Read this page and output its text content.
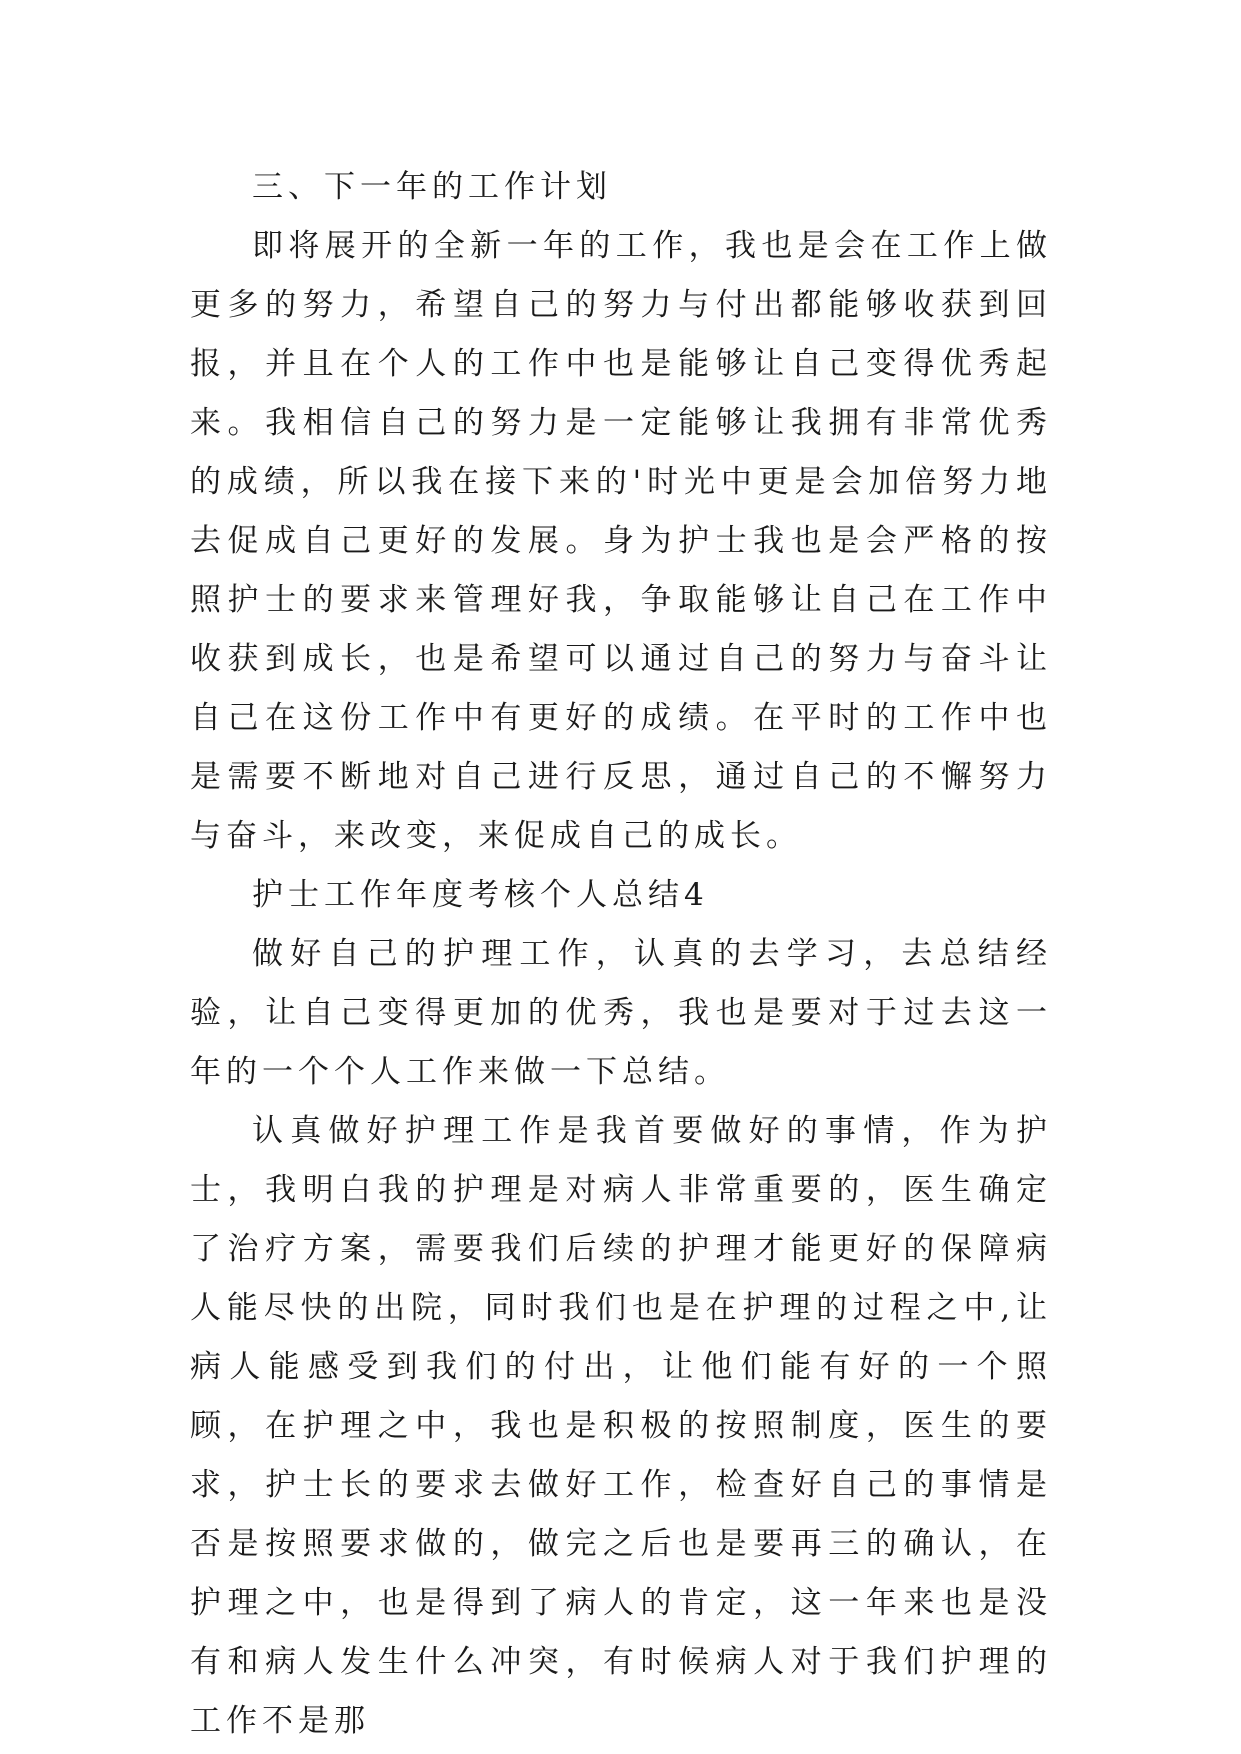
三、下一年的工作计划

即将展开的全新一年的工作，我也是会在工作上做更多的努力，希望自己的努力与付出都能够收获到回报，并且在个人的工作中也是能够让自己变得优秀起来。我相信自己的努力是一定能够让我拥有非常优秀的成绩，所以我在接下来的'时光中更是会加倍努力地去促成自己更好的发展。身为护士我也是会严格的按照护士的要求来管理好我，争取能够让自己在工作中收获到成长，也是希望可以通过自己的努力与奋斗让自己在这份工作中有更好的成绩。在平时的工作中也是需要不断地对自己进行反思，通过自己的不懈努力与奋斗，来改变，来促成自己的成长。

护士工作年度考核个人总结4

做好自己的护理工作，认真的去学习，去总结经验，让自己变得更加的优秀，我也是要对于过去这一年的一个个人工作来做一下总结。

认真做好护理工作是我首要做好的事情，作为护士，我明白我的护理是对病人非常重要的，医生确定了治疗方案，需要我们后续的护理才能更好的保障病人能尽快的出院，同时我们也是在护理的过程之中,让病人能感受到我们的付出，让他们能有好的一个照顾，在护理之中，我也是积极的按照制度，医生的要求，护士长的要求去做好工作，检查好自己的事情是否是按照要求做的，做完之后也是要再三的确认，在护理之中，也是得到了病人的肯定，这一年来也是没有和病人发生什么冲突，有时候病人对于我们护理的工作不是那
